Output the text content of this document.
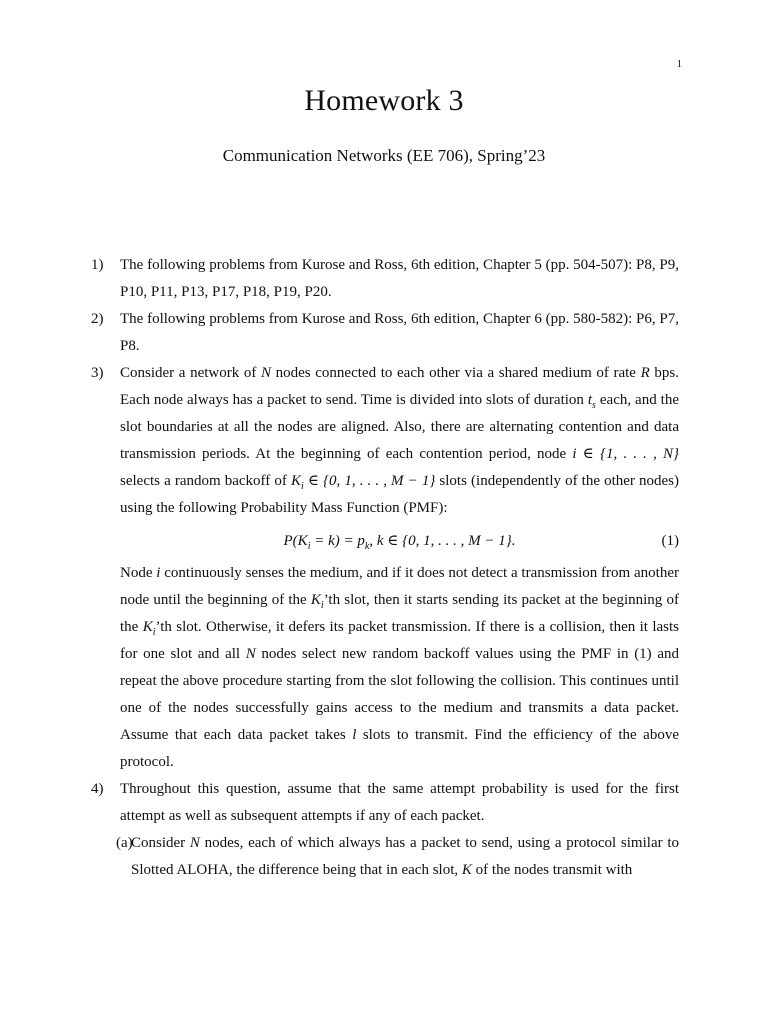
1
Homework 3
Communication Networks (EE 706), Spring’23
1) The following problems from Kurose and Ross, 6th edition, Chapter 5 (pp. 504-507): P8, P9, P10, P11, P13, P17, P18, P19, P20.
2) The following problems from Kurose and Ross, 6th edition, Chapter 6 (pp. 580-582): P6, P7, P8.
3) Consider a network of N nodes connected to each other via a shared medium of rate R bps. Each node always has a packet to send. Time is divided into slots of duration $t_s$ each, and the slot boundaries at all the nodes are aligned. Also, there are alternating contention and data transmission periods. At the beginning of each contention period, node i ∈ {1, . . . , N} selects a random backoff of $K_i$ ∈ {0, 1, . . . , M − 1} slots (independently of the other nodes) using the following Probability Mass Function (PMF):
$P(K_i = k) = p_k$, k ∈ {0, 1, . . . , M − 1}.	(1)
Node i continuously senses the medium, and if it does not detect a transmission from another node until the beginning of the $K_i’th$ slot, then it starts sending its packet at the beginning of the $K_i’th$ slot. Otherwise, it defers its packet transmission. If there is a collision, then it lasts for one slot and all N nodes select new random backoff values using the PMF in (1) and repeat the above procedure starting from the slot following the collision. This continues until one of the nodes successfully gains access to the medium and transmits a data packet. Assume that each data packet takes l slots to transmit. Find the efficiency of the above protocol.
4) Throughout this question, assume that the same attempt probability is used for the first attempt as well as subsequent attempts if any of each packet.
(a)
Consider N nodes, each of which always has a packet to send, using a protocol similar to Slotted ALOHA, the difference being that in each slot, K of the nodes transmit with
